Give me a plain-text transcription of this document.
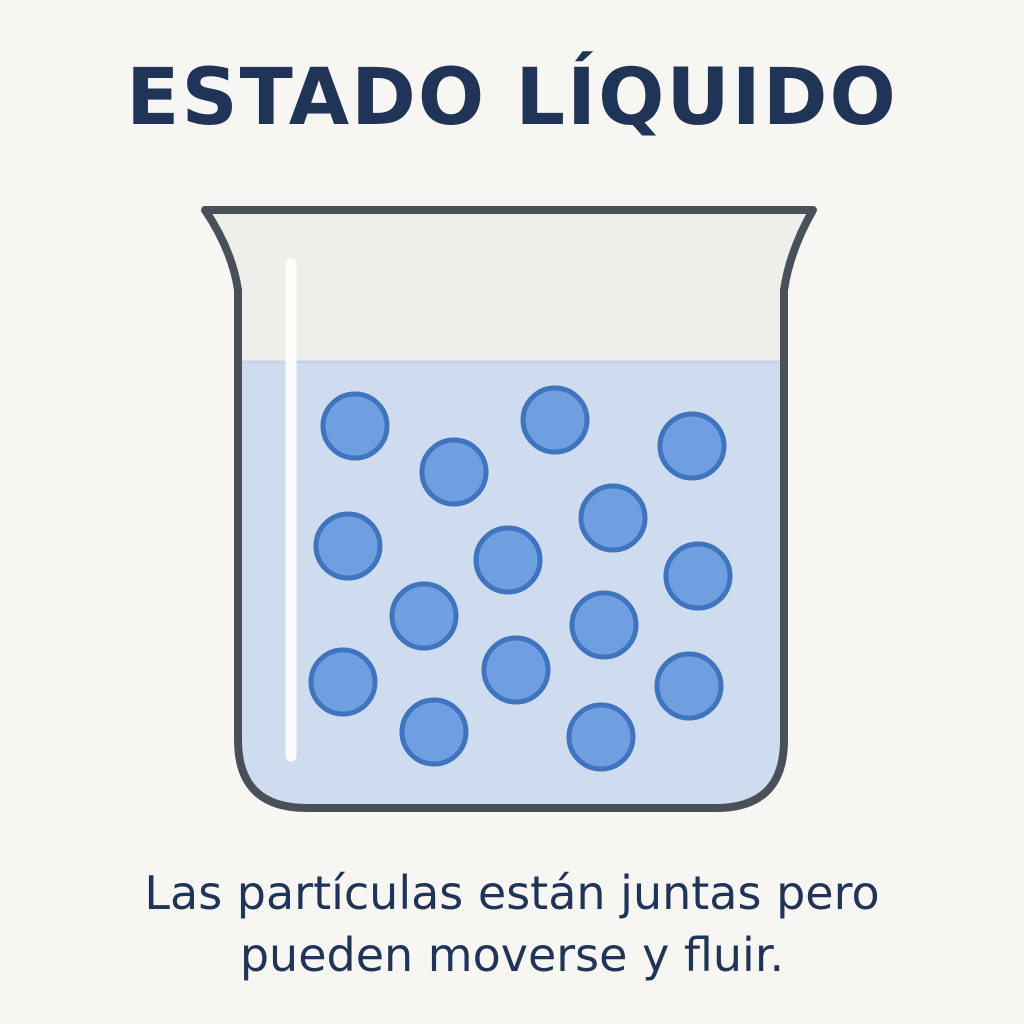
ESTADO LÍQUIDO
Las partículas están juntas pero
pueden moverse y fluir.
